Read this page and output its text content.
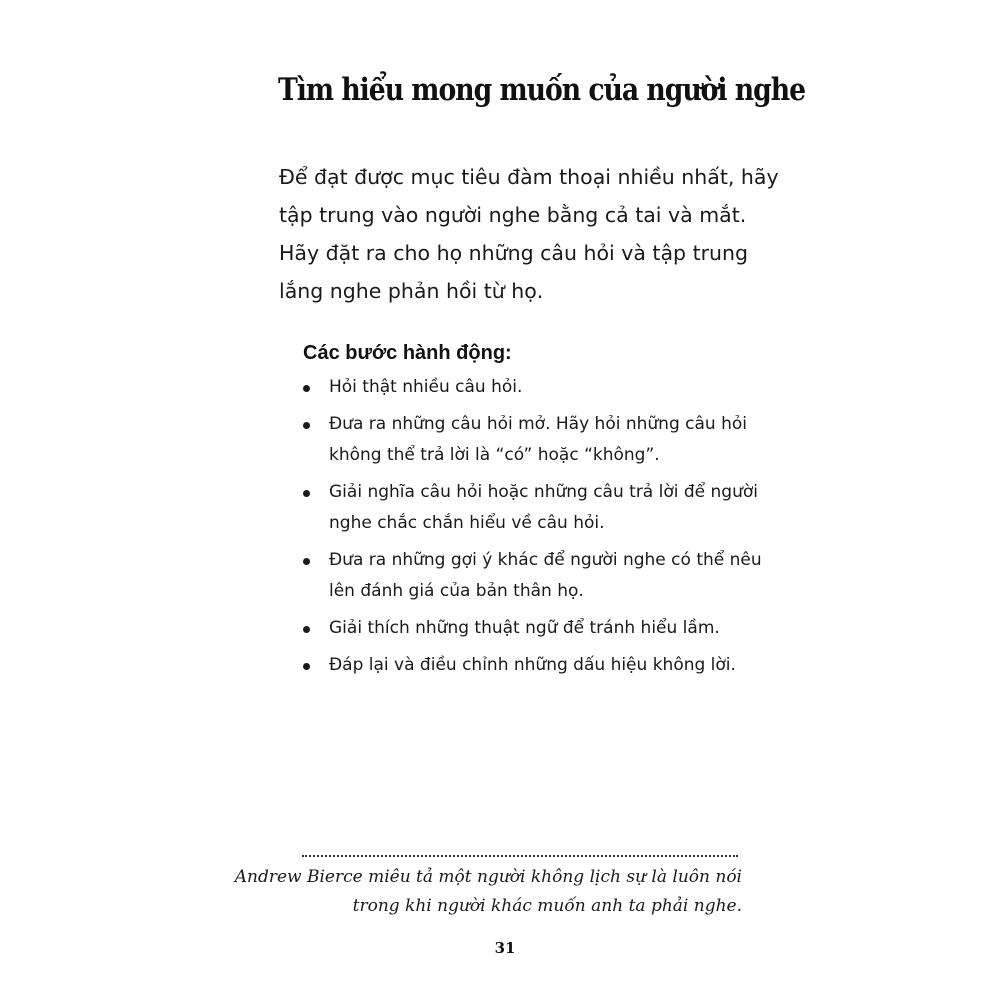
Tìm hiểu mong muốn của người nghe

Để đạt được mục tiêu đàm thoại nhiều nhất, hãy tập trung vào người nghe bằng cả tai và mắt. Hãy đặt ra cho họ những câu hỏi và tập trung lắng nghe phản hồi từ họ.

Các bước hành động:
Hỏi thật nhiều câu hỏi.
Đưa ra những câu hỏi mở. Hãy hỏi những câu hỏi không thể trả lời là “có” hoặc “không”.
Giải nghĩa câu hỏi hoặc những câu trả lời để người nghe chắc chắn hiểu về câu hỏi.
Đưa ra những gợi ý khác để người nghe có thể nêu lên đánh giá của bản thân họ.
Giải thích những thuật ngữ để tránh hiểu lầm.
Đáp lại và điều chỉnh những dấu hiệu không lời.

Andrew Bierce miêu tả một người không lịch sự là luôn nói
trong khi người khác muốn anh ta phải nghe.

31
